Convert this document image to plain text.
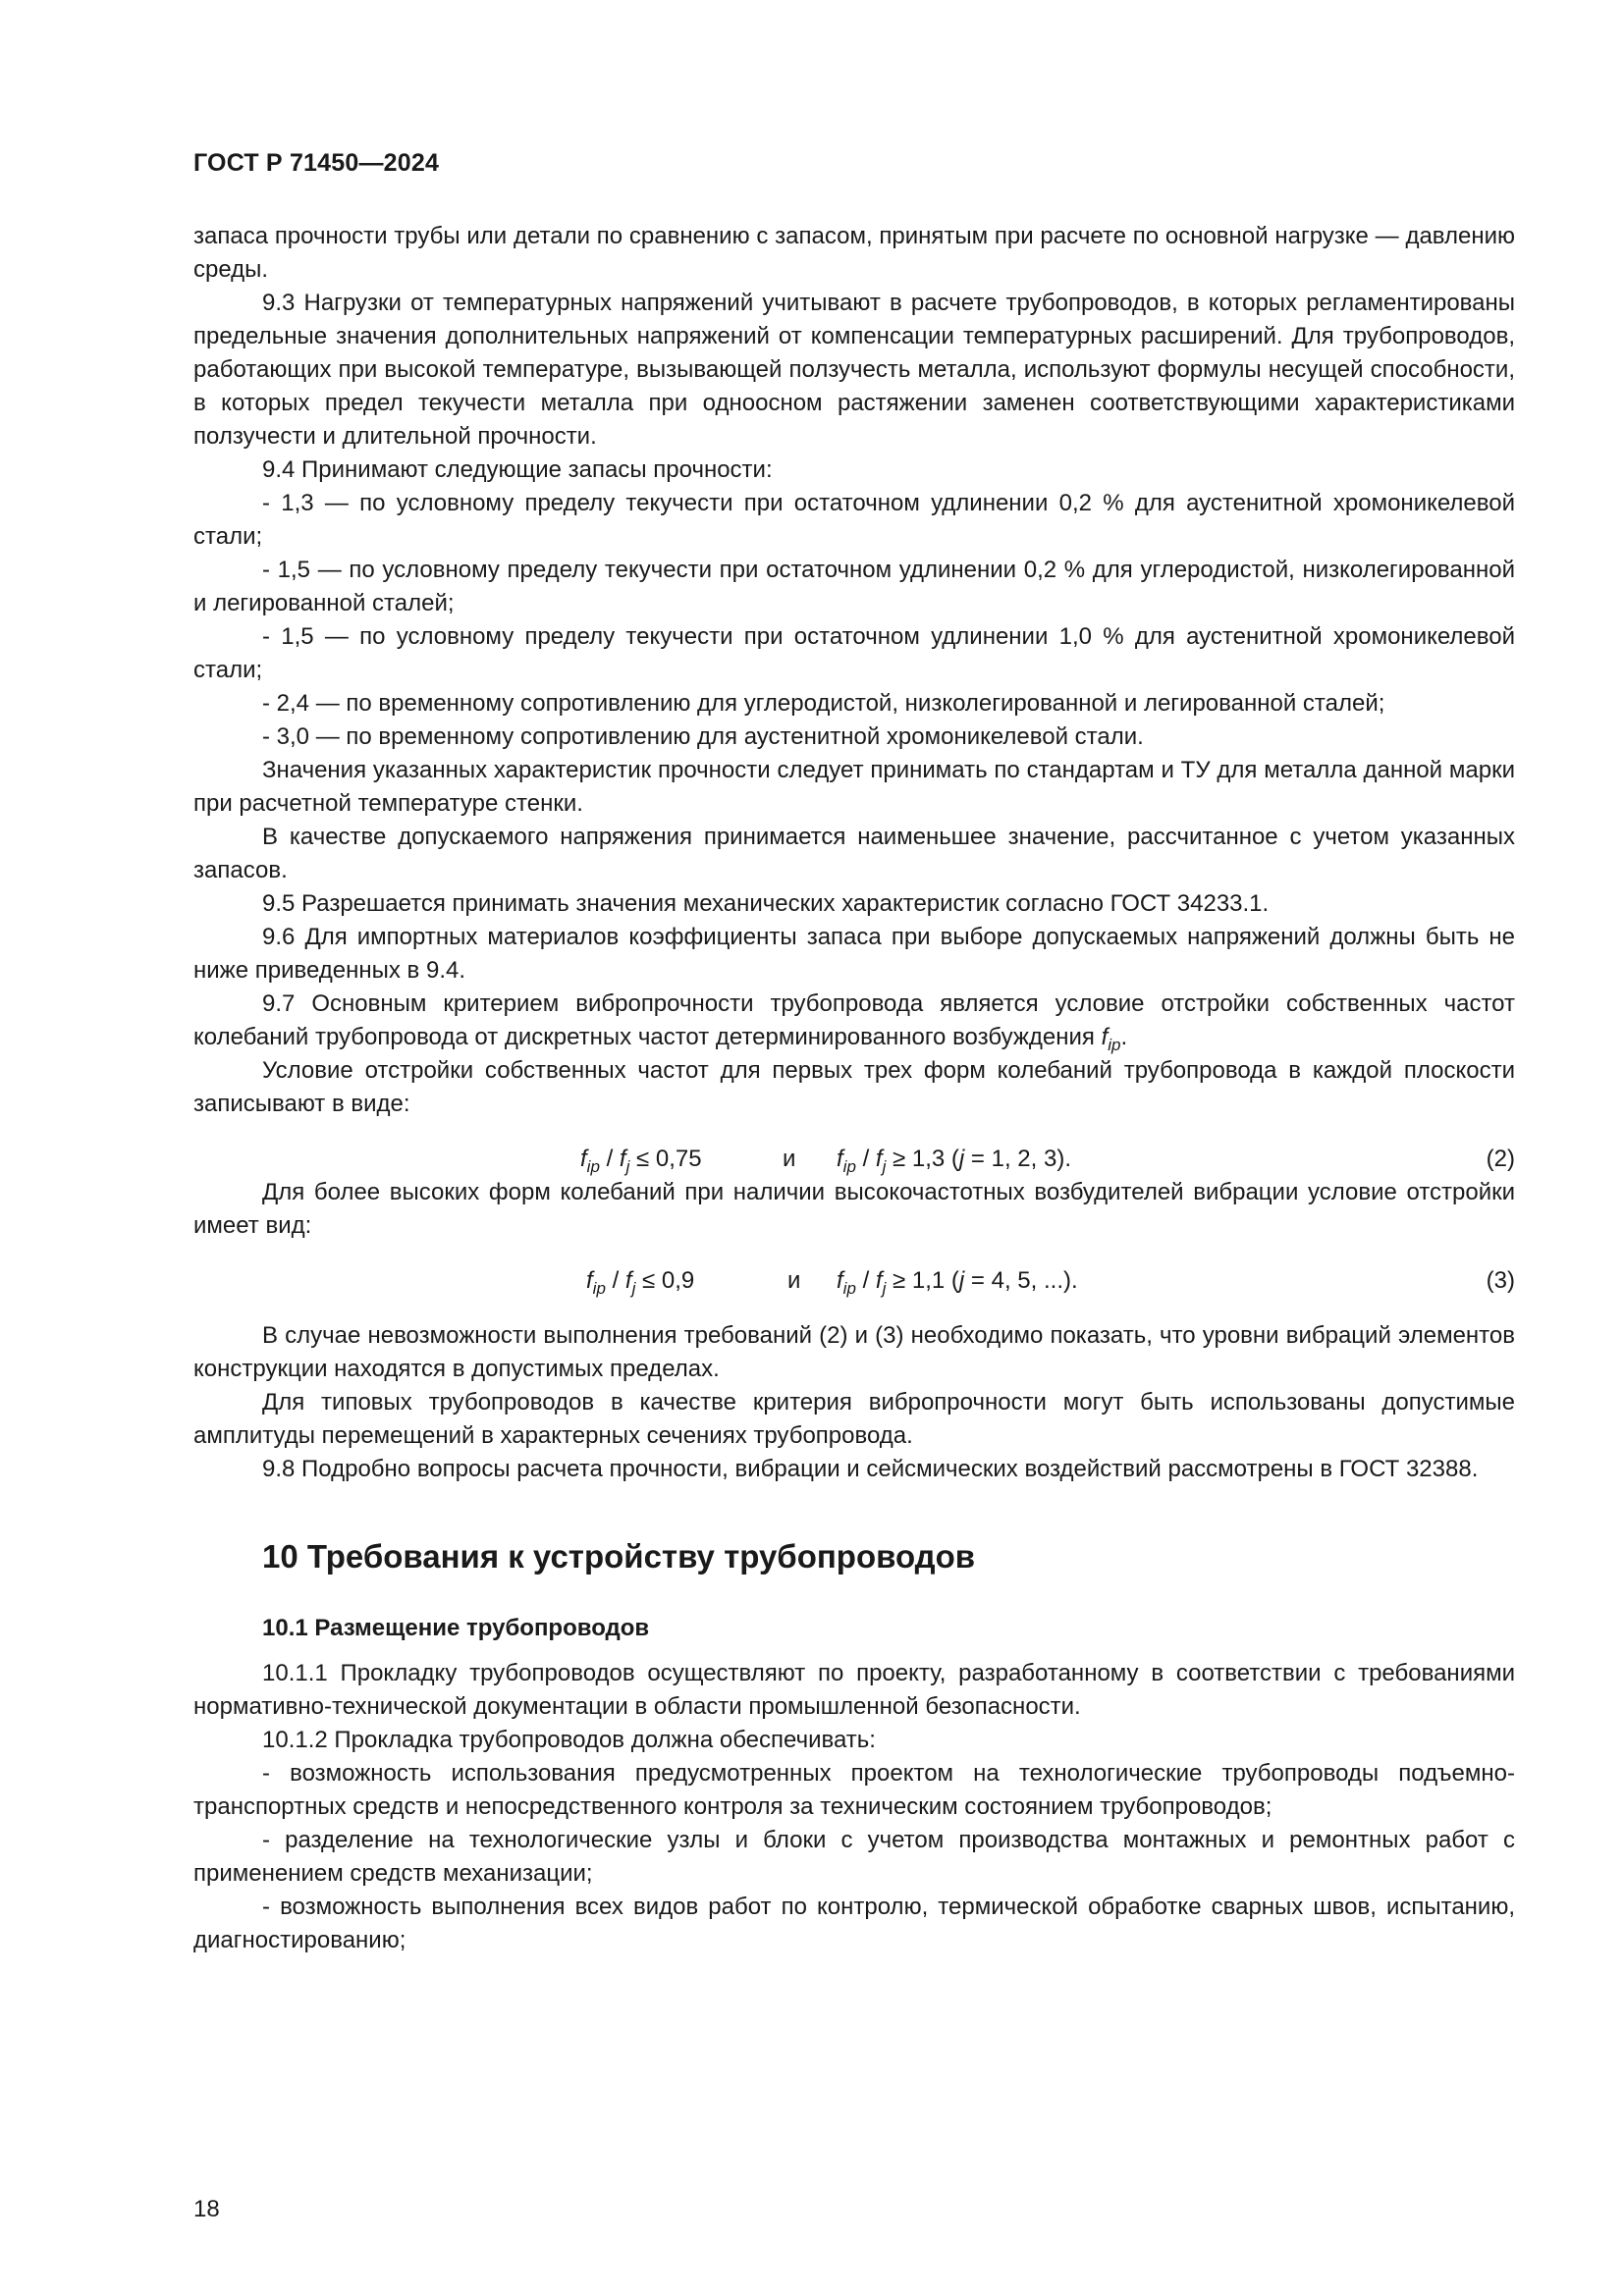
ГОСТ Р 71450—2024

запаса прочности трубы или детали по сравнению с запасом, принятым при расчете по основной нагрузке — давлению среды.

9.3 Нагрузки от температурных напряжений учитывают в расчете трубопроводов, в которых регламентированы предельные значения дополнительных напряжений от компенсации температурных расширений. Для трубопроводов, работающих при высокой температуре, вызывающей ползучесть металла, используют формулы несущей способности, в которых предел текучести металла при одноосном растяжении заменен соответствующими характеристиками ползучести и длительной прочности.

9.4 Принимают следующие запасы прочности:

- 1,3 — по условному пределу текучести при остаточном удлинении 0,2 % для аустенитной хромоникелевой стали;

- 1,5 — по условному пределу текучести при остаточном удлинении 0,2 % для углеродистой, низколегированной и легированной сталей;

- 1,5 — по условному пределу текучести при остаточном удлинении 1,0 % для аустенитной хромоникелевой стали;

- 2,4 — по временному сопротивлению для углеродистой, низколегированной и легированной сталей;

- 3,0 — по временному сопротивлению для аустенитной хромоникелевой стали.

Значения указанных характеристик прочности следует принимать по стандартам и ТУ для металла данной марки при расчетной температуре стенки.

В качестве допускаемого напряжения принимается наименьшее значение, рассчитанное с учетом указанных запасов.

9.5 Разрешается принимать значения механических характеристик согласно ГОСТ 34233.1.

9.6 Для импортных материалов коэффициенты запаса при выборе допускаемых напряжений должны быть не ниже приведенных в 9.4.

9.7 Основным критерием вибропрочности трубопровода является условие отстройки собственных частот колебаний трубопровода от дискретных частот детерминированного возбуждения $f_{ip}$.

Условие отстройки собственных частот для первых трех форм колебаний трубопровода в каждой плоскости записывают в виде:

$f_{ip} / f_j \le 0,75$	и $f_{ip} / f_j \ge 1,3$ (j = 1, 2, 3).	(2)

Для более высоких форм колебаний при наличии высокочастотных возбудителей вибрации условие отстройки имеет вид:

$f_{ip} / f_j \le 0,9$	и $f_{ip} / f_j \ge 1,1$ (j = 4, 5, ...).	(3)

В случае невозможности выполнения требований (2) и (3) необходимо показать, что уровни вибраций элементов конструкции находятся в допустимых пределах.

Для типовых трубопроводов в качестве критерия вибропрочности могут быть использованы допустимые амплитуды перемещений в характерных сечениях трубопровода.

9.8 Подробно вопросы расчета прочности, вибрации и сейсмических воздействий рассмотрены в ГОСТ 32388.

10 Требования к устройству трубопроводов
10.1 Размещение трубопроводов

10.1.1 Прокладку трубопроводов осуществляют по проекту, разработанному в соответствии с требованиями нормативно-технической документации в области промышленной безопасности.

10.1.2 Прокладка трубопроводов должна обеспечивать:

- возможность использования предусмотренных проектом на технологические трубопроводы подъемно-транспортных средств и непосредственного контроля за техническим состоянием трубопроводов;

- разделение на технологические узлы и блоки с учетом производства монтажных и ремонтных работ с применением средств механизации;

- возможность выполнения всех видов работ по контролю, термической обработке сварных швов, испытанию, диагностированию;

18
